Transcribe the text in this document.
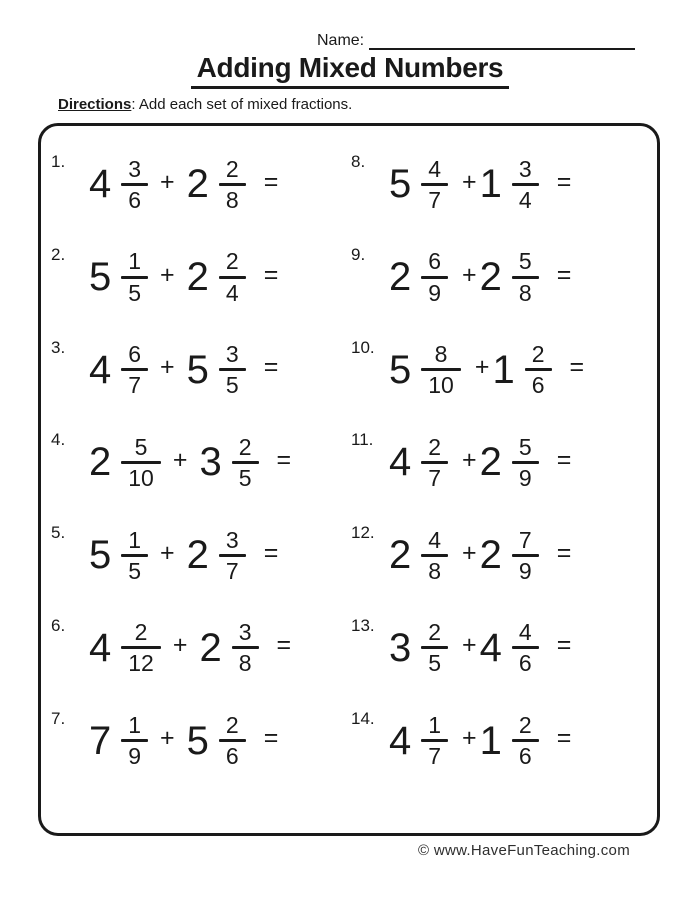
Name:
Adding Mixed Numbers
Directions: Add each set of mixed fractions.
1.
$4 \frac{3}{6} + 2 \frac{2}{8}$ =
2.
$5 \frac{1}{5} + 2 \frac{2}{4}$ =
3.
$4 \frac{6}{7} + 5 \frac{3}{5}$ =
4.
$2 \frac{5}{10} + 3 \frac{2}{5}$ =
5.
$5 \frac{1}{5} + 2 \frac{3}{7}$ =
6.
$4 \frac{2}{12} + 2 \frac{3}{8}$ =
7.
$7 \frac{1}{9} + 5 \frac{2}{6}$ =
8.
$5 \frac{4}{7} + 1 \frac{3}{4}$ =
9.
$2 \frac{6}{9} + 2 \frac{5}{8}$ =
10.
$5 \frac{8}{10} + 1 \frac{2}{6}$ =
11.
$4 \frac{2}{7} + 2 \frac{5}{9}$ =
12.
$2 \frac{4}{8} + 2 \frac{7}{9}$ =
13.
$3 \frac{2}{5} + 4 \frac{4}{6}$ =
14.
$4 \frac{1}{7} + 1 \frac{2}{6}$ =
© www.HaveFunTeaching.com
